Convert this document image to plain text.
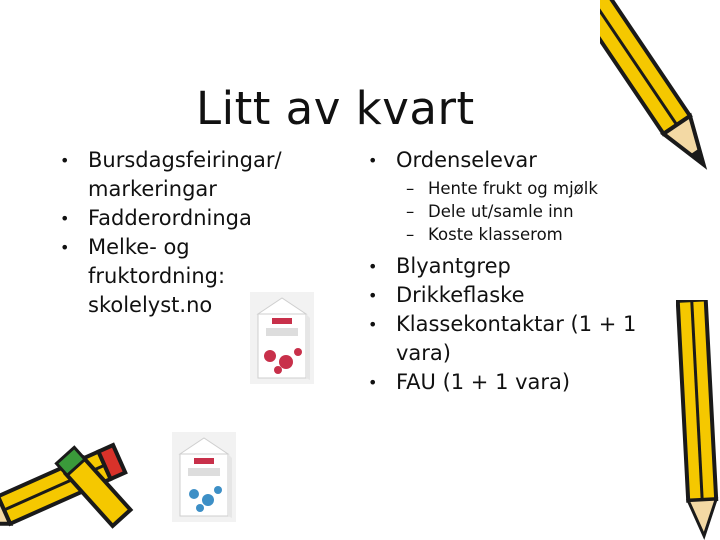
Litt av kvart
• Bursdagsfeiringar/ markeringar
• Fadderordninga
• Melke- og fruktordning: skolelyst.no
• Ordenselevar
– Hente frukt og mjølk
– Dele ut/samle inn
– Koste klasserom
• Blyantgrep
• Drikkeflaske
• Klassekontaktar (1 + 1 vara)
• FAU (1 + 1 vara)
